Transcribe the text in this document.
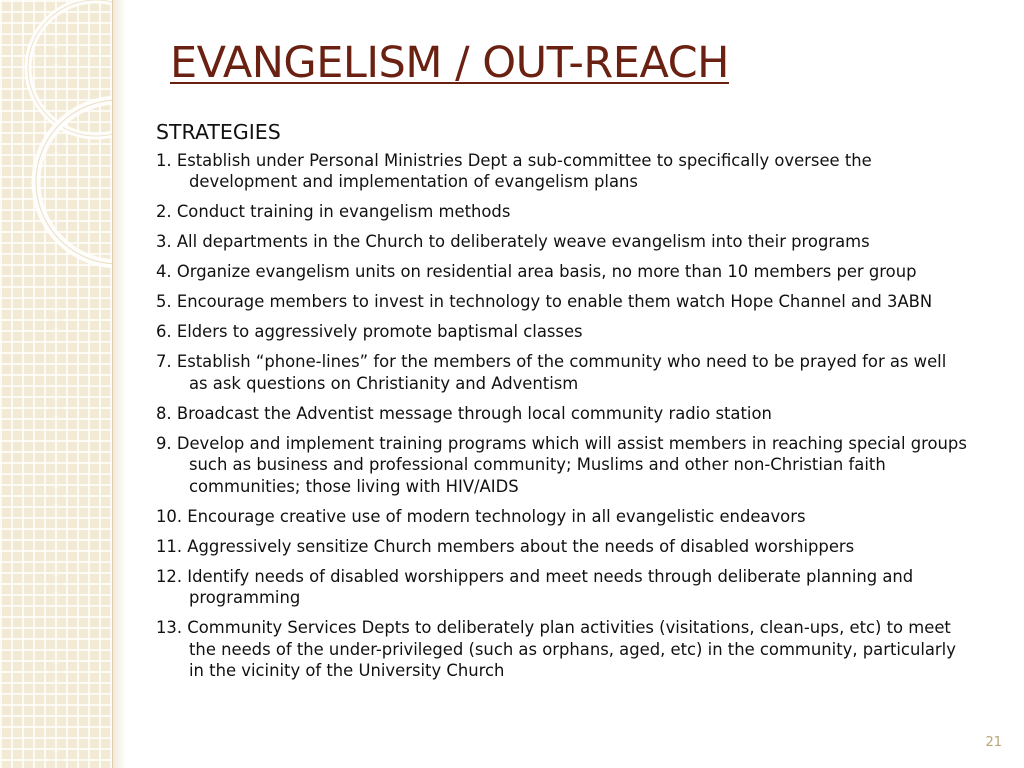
EVANGELISM / OUT-REACH
STRATEGIES
1. Establish under Personal Ministries Dept a sub-committee to specifically oversee the development and implementation of evangelism plans
2. Conduct training in evangelism methods
3. All departments in the Church to deliberately weave evangelism into their programs
4. Organize evangelism units on residential area basis, no more than 10 members per group
5. Encourage members to invest in technology to enable them watch Hope Channel and 3ABN
6. Elders to aggressively promote baptismal classes
7. Establish “phone-lines” for the members of the community who need to be prayed for as well as ask questions on Christianity and Adventism
8. Broadcast the Adventist message through local community radio station
9. Develop and implement training programs which will assist members in reaching special groups such as business and professional community; Muslims and other non-Christian faith communities; those living with HIV/AIDS
10. Encourage creative use of modern technology in all evangelistic endeavors
11. Aggressively sensitize Church members about the needs of disabled worshippers
12. Identify needs of disabled worshippers and meet needs through deliberate planning and programming
13. Community Services Depts to deliberately plan activities (visitations, clean-ups, etc) to meet the needs of the under-privileged (such as orphans, aged, etc) in the community, particularly in the vicinity of the University Church
21
